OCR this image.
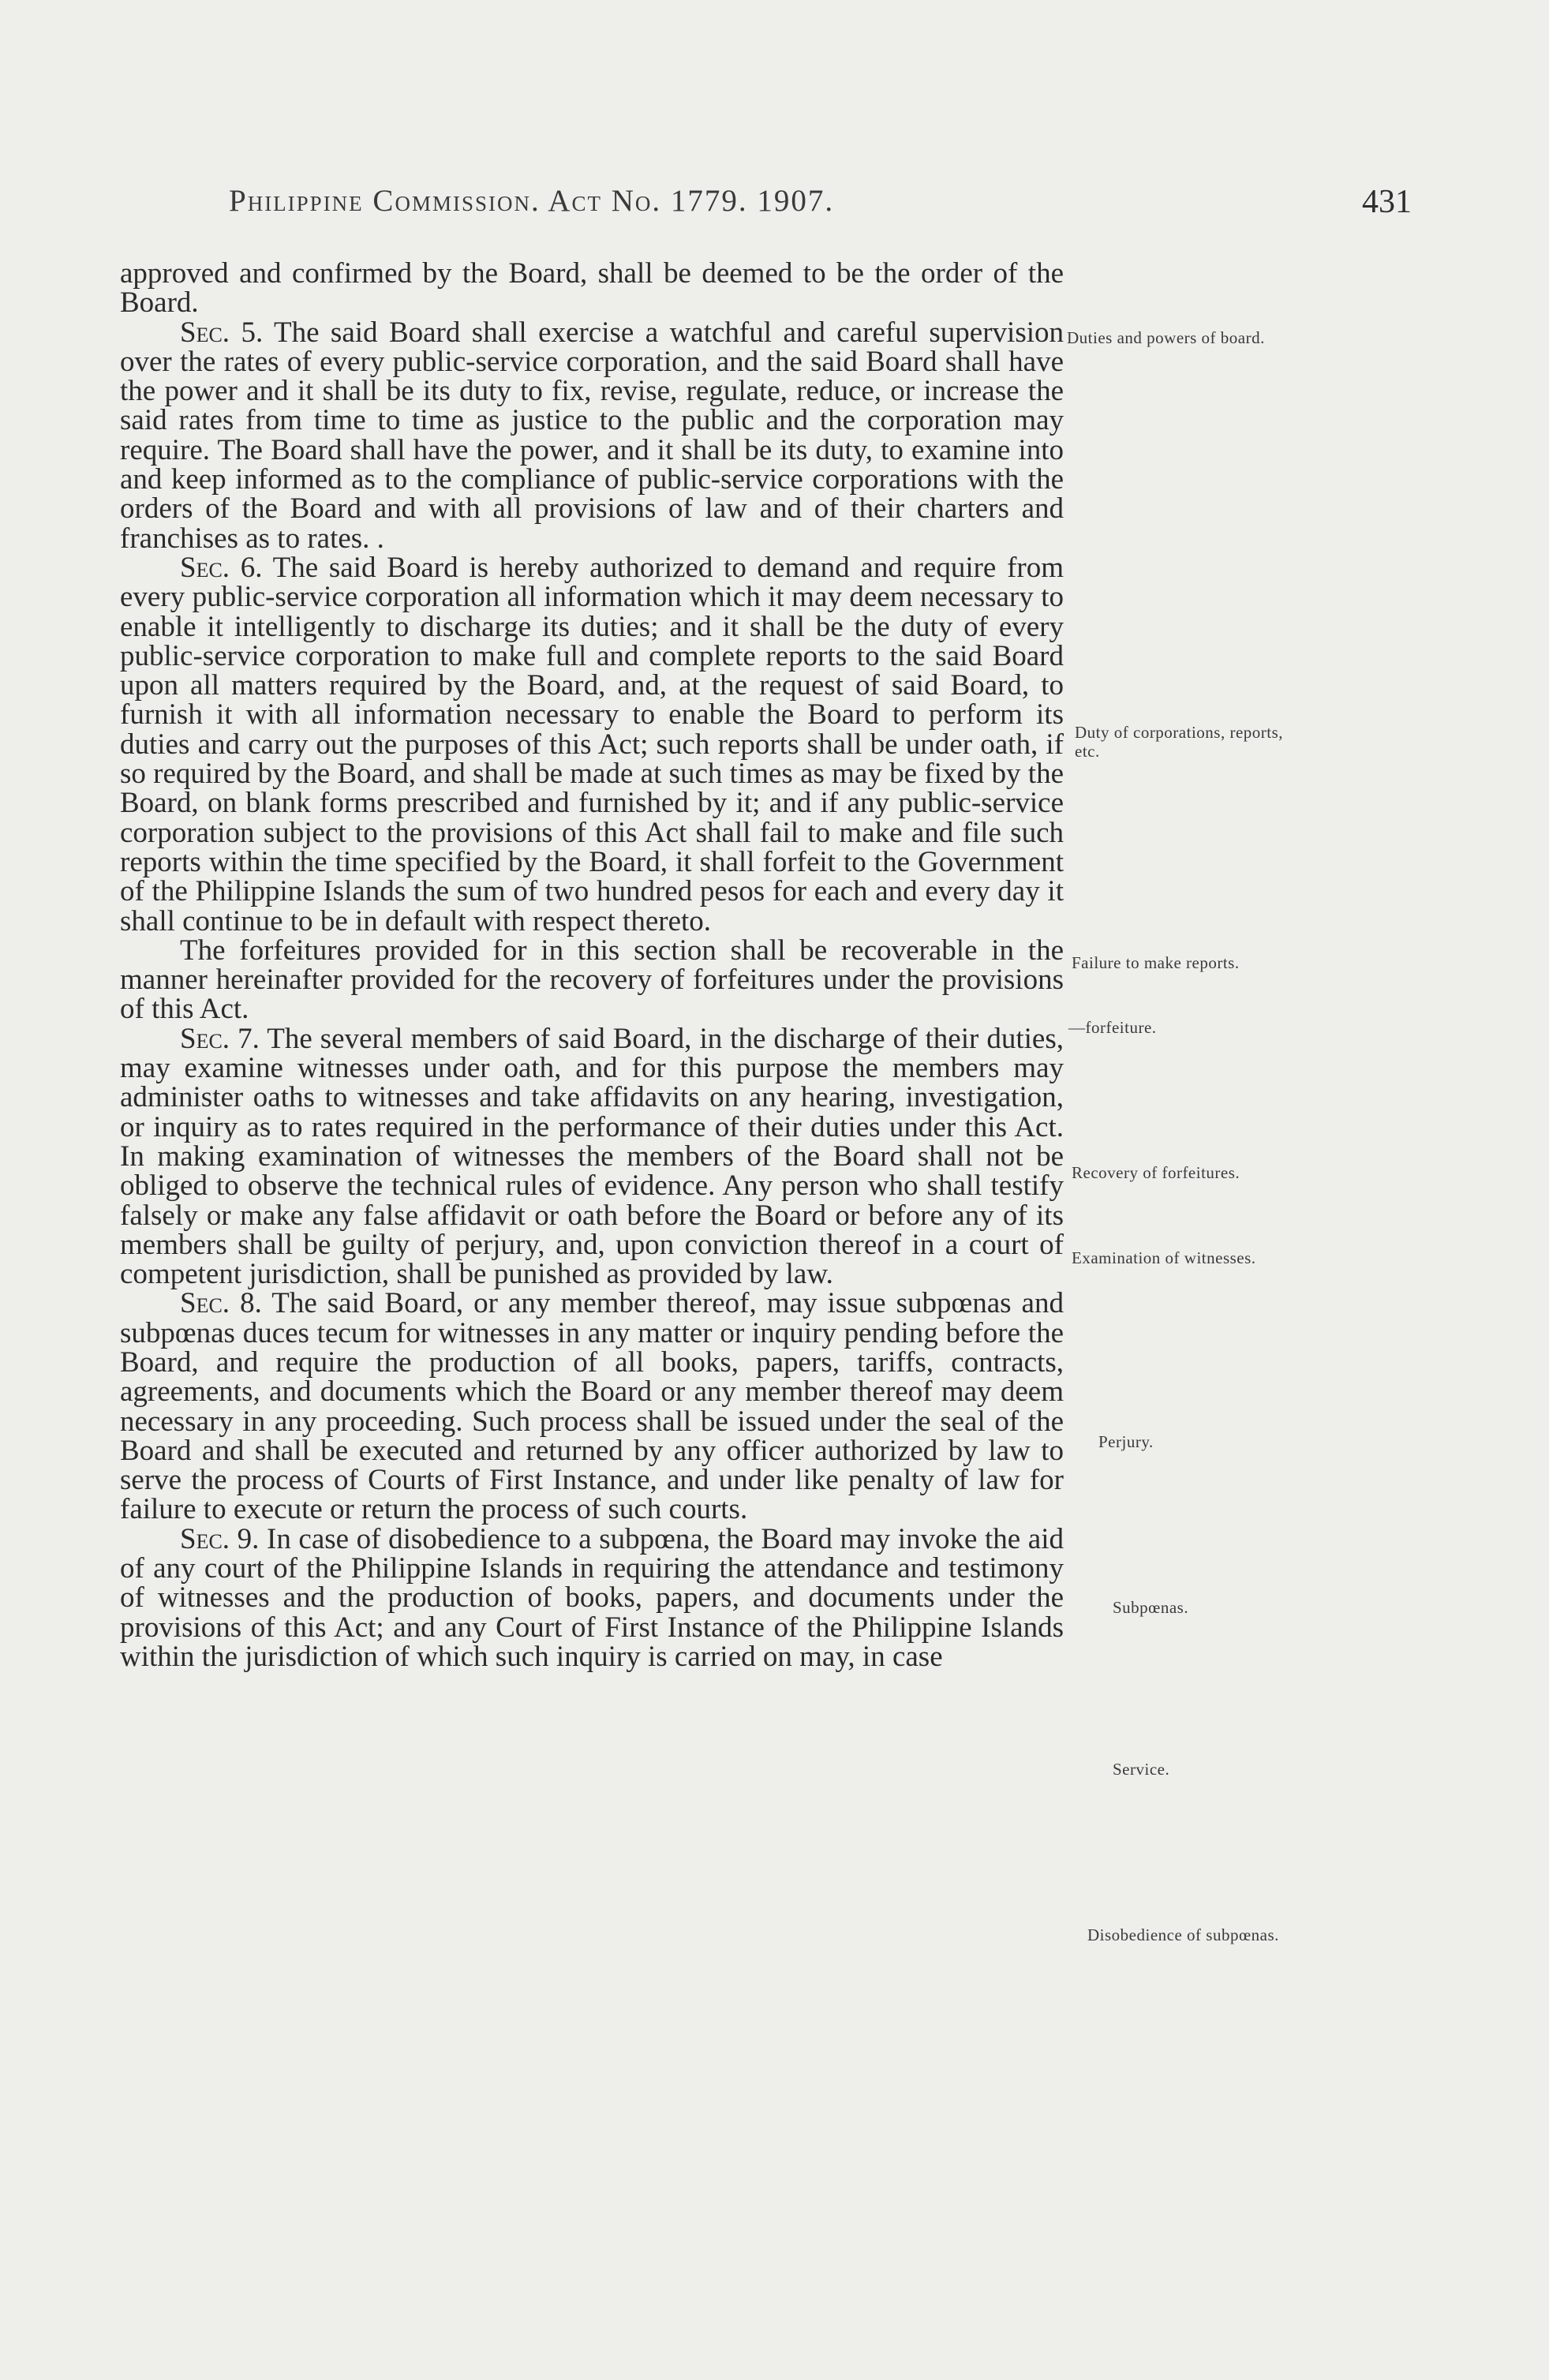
Philippine Commission. Act No. 1779. 1907.	431

approved and confirmed by the Board, shall be deemed to be the order of the Board.

Sec. 5. The said Board shall exercise a watchful and careful supervision over the rates of every public-service corporation, and the said Board shall have the power and it shall be its duty to fix, revise, regulate, reduce, or increase the said rates from time to time as justice to the public and the corporation may require. The Board shall have the power, and it shall be its duty, to examine into and keep informed as to the compliance of public-service corporations with the orders of the Board and with all provisions of law and of their charters and franchises as to rates. .

Sec. 6. The said Board is hereby authorized to demand and require from every public-service corporation all information which it may deem necessary to enable it intelligently to discharge its duties; and it shall be the duty of every public-service corporation to make full and complete reports to the said Board upon all matters required by the Board, and, at the request of said Board, to furnish it with all information necessary to enable the Board to perform its duties and carry out the purposes of this Act; such reports shall be under oath, if so required by the Board, and shall be made at such times as may be fixed by the Board, on blank forms prescribed and furnished by it; and if any public-service corporation subject to the provisions of this Act shall fail to make and file such reports within the time specified by the Board, it shall forfeit to the Government of the Philippine Islands the sum of two hundred pesos for each and every day it shall continue to be in default with respect thereto.

The forfeitures provided for in this section shall be recoverable in the manner hereinafter provided for the recovery of forfeitures under the provisions of this Act.

Sec. 7. The several members of said Board, in the discharge of their duties, may examine witnesses under oath, and for this purpose the members may administer oaths to witnesses and take affidavits on any hearing, investigation, or inquiry as to rates required in the performance of their duties under this Act. In making examination of witnesses the members of the Board shall not be obliged to observe the technical rules of evidence. Any person who shall testify falsely or make any false affidavit or oath before the Board or before any of its members shall be guilty of perjury, and, upon conviction thereof in a court of competent jurisdiction, shall be punished as provided by law.

Sec. 8. The said Board, or any member thereof, may issue subpœnas and subpœnas duces tecum for witnesses in any matter or inquiry pending before the Board, and require the production of all books, papers, tariffs, contracts, agreements, and documents which the Board or any member thereof may deem necessary in any proceeding. Such process shall be issued under the seal of the Board and shall be executed and returned by any officer authorized by law to serve the process of Courts of First Instance, and under like penalty of law for failure to execute or return the process of such courts.

Sec. 9. In case of disobedience to a subpœna, the Board may invoke the aid of any court of the Philippine Islands in requiring the attendance and testimony of witnesses and the production of books, papers, and documents under the provisions of this Act; and any Court of First Instance of the Philippine Islands within the jurisdiction of which such inquiry is carried on may, in case

Duties and powers of board.
Duty of corporations, reports, etc.
Failure to make reports.
—forfeiture.
Recovery of forfeitures.
Examination of witnesses.
Perjury.
Subpœnas.
Service.
Disobedience of subpœnas.
